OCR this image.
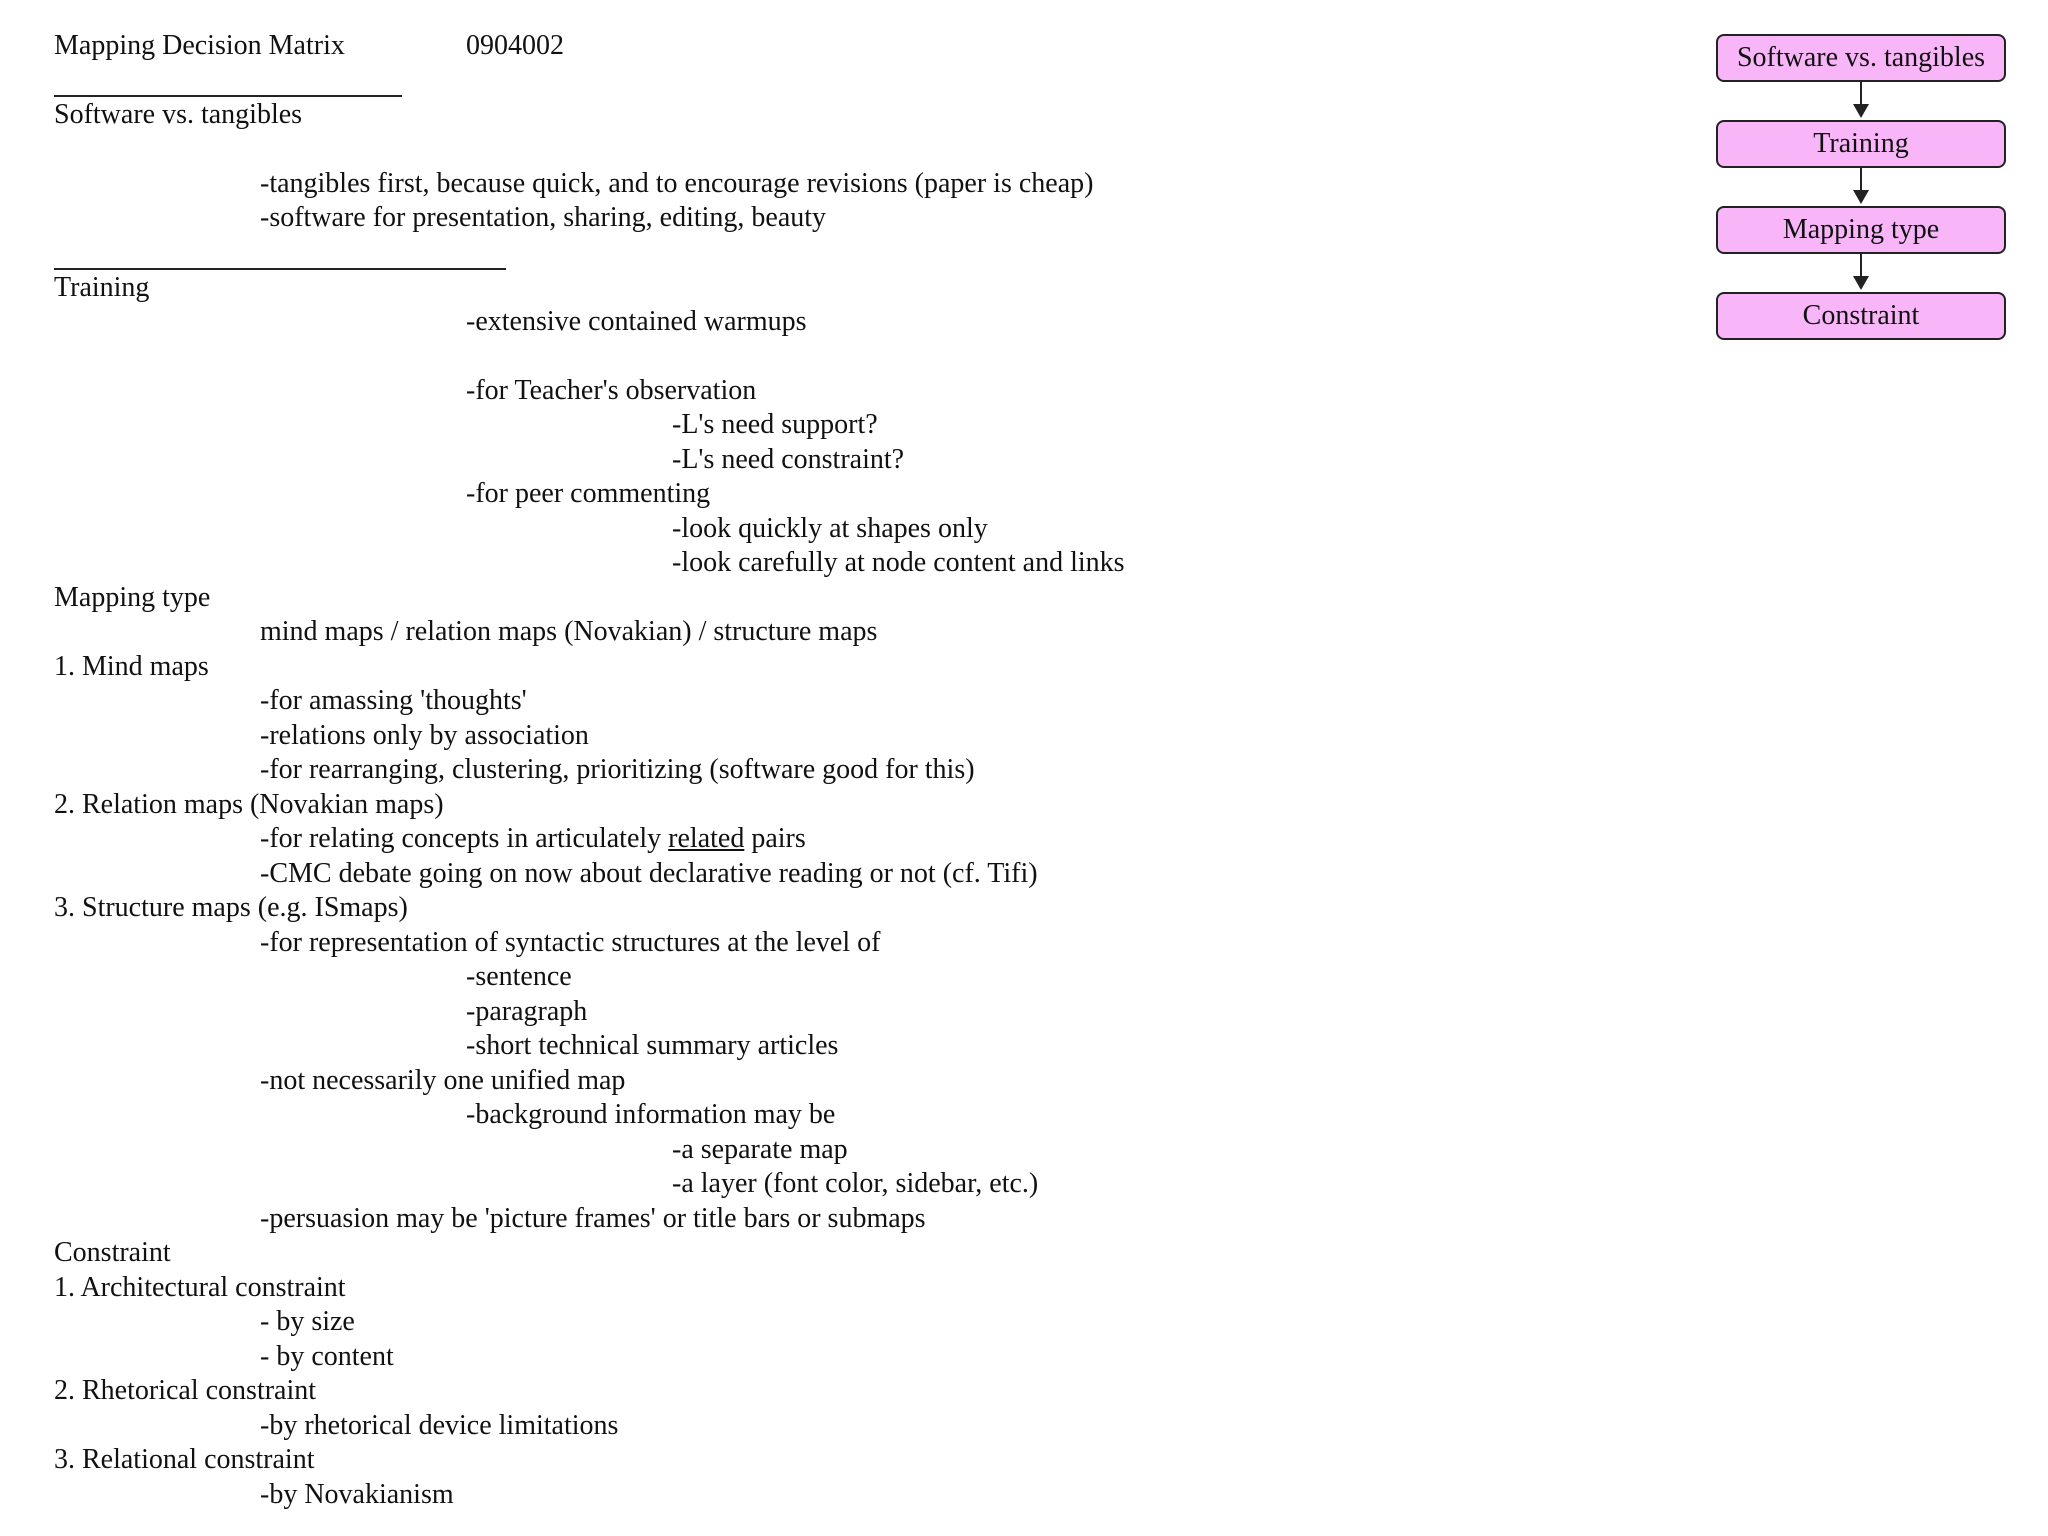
Mapping Decision Matrix	0904002
Software vs. tangibles
-tangibles first, because quick, and to encourage revisions (paper is cheap)
-software for presentation, sharing, editing, beauty
Training
-extensive contained warmups
-for Teacher's observation
-L's need support?
-L's need constraint?
-for peer commenting
-look quickly at shapes only
-look carefully at node content and links
Mapping type
mind maps / relation maps (Novakian) / structure maps
1. Mind maps
-for amassing 'thoughts'
-relations only by association
-for rearranging, clustering, prioritizing (software good for this)
2. Relation maps (Novakian maps)
-for relating concepts in articulately related pairs
-CMC debate going on now about declarative reading or not (cf. Tifi)
3. Structure maps (e.g. ISmaps)
-for representation of syntactic structures at the level of
-sentence
-paragraph
-short technical summary articles
-not necessarily one unified map
-background information may be
-a separate map
-a layer (font color, sidebar, etc.)
-persuasion may be 'picture frames' or title bars or submaps
Constraint
1. Architectural constraint
- by size
- by content
2. Rhetorical constraint
-by rhetorical device limitations
3. Relational constraint
-by Novakianism
Software vs. tangibles
Training
Mapping type
Constraint
